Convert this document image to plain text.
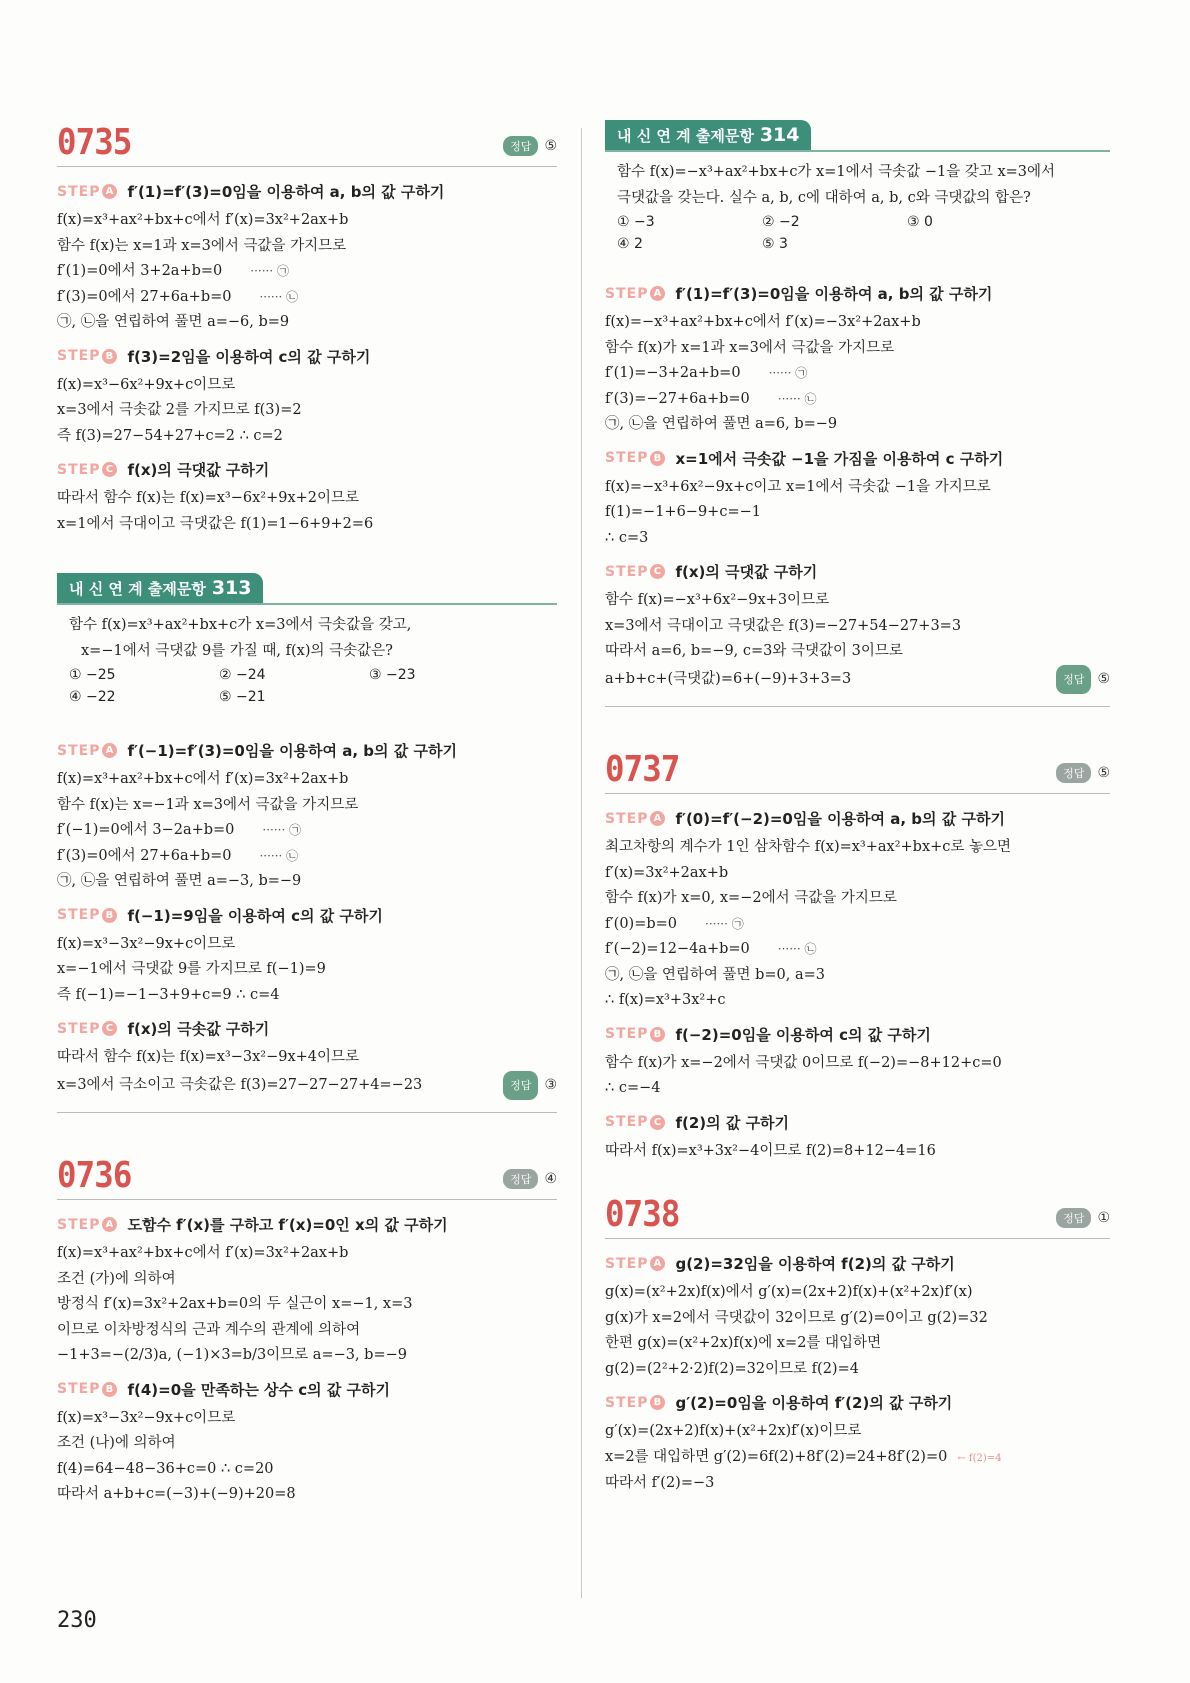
0735	정답 ⑤
STEP A f′(1)=f′(3)=0임을 이용하여 a, b의 값 구하기
f(x)=x³+ax²+bx+c에서 f′(x)=3x²+2ax+b
함수 f(x)는 x=1과 x=3에서 극값을 가지므로
f′(1)=0에서 3+2a+b=0 ······ ㉠
f′(3)=0에서 27+6a+b=0 ······ ㉡
㉠, ㉡을 연립하여 풀면 a=−6, b=9
STEP B f(3)=2임을 이용하여 c의 값 구하기
f(x)=x³−6x²+9x+c이므로
x=3에서 극솟값 2를 가지므로 f(3)=2
즉 f(3)=27−54+27+c=2 ∴ c=2
STEP C f(x)의 극댓값 구하기
따라서 함수 f(x)는 f(x)=x³−6x²+9x+2이므로
x=1에서 극대이고 극댓값은 f(1)=1−6+9+2=6
내 신 연 계 출제문항 313
함수 f(x)=x³+ax²+bx+c가 x=3에서 극솟값을 갖고,
x=−1에서 극댓값 9를 가질 때, f(x)의 극솟값은?
① −25	② −24	③ −23
④ −22	⑤ −21
STEP A f′(−1)=f′(3)=0임을 이용하여 a, b의 값 구하기
f(x)=x³+ax²+bx+c에서 f′(x)=3x²+2ax+b
함수 f(x)는 x=−1과 x=3에서 극값을 가지므로
f′(−1)=0에서 3−2a+b=0 ······ ㉠
f′(3)=0에서 27+6a+b=0 ······ ㉡
㉠, ㉡을 연립하여 풀면 a=−3, b=−9
STEP B f(−1)=9임을 이용하여 c의 값 구하기
f(x)=x³−3x²−9x+c이므로
x=−1에서 극댓값 9를 가지므로 f(−1)=9
즉 f(−1)=−1−3+9+c=9 ∴ c=4
STEP C f(x)의 극솟값 구하기
따라서 함수 f(x)는 f(x)=x³−3x²−9x+4이므로
x=3에서 극소이고 극솟값은 f(3)=27−27−27+4=−23	정답 ③
0736	정답 ④
STEP A 도함수 f′(x)를 구하고 f′(x)=0인 x의 값 구하기
f(x)=x³+ax²+bx+c에서 f′(x)=3x²+2ax+b
조건 (가)에 의하여
방정식 f′(x)=3x²+2ax+b=0의 두 실근이 x=−1, x=3
이므로 이차방정식의 근과 계수의 관계에 의하여
−1+3=−(2/3)a, (−1)×3=b/3이므로 a=−3, b=−9
STEP B f(4)=0을 만족하는 상수 c의 값 구하기
f(x)=x³−3x²−9x+c이므로
조건 (나)에 의하여
f(4)=64−48−36+c=0 ∴ c=20
따라서 a+b+c=(−3)+(−9)+20=8
내 신 연 계 출제문항 314
함수 f(x)=−x³+ax²+bx+c가 x=1에서 극솟값 −1을 갖고 x=3에서
극댓값을 갖는다. 실수 a, b, c에 대하여 a, b, c와 극댓값의 합은?
① −3	② −2	③ 0
④ 2	⑤ 3
STEP A f′(1)=f′(3)=0임을 이용하여 a, b의 값 구하기
f(x)=−x³+ax²+bx+c에서 f′(x)=−3x²+2ax+b
함수 f(x)가 x=1과 x=3에서 극값을 가지므로
f′(1)=−3+2a+b=0 ······ ㉠
f′(3)=−27+6a+b=0 ······ ㉡
㉠, ㉡을 연립하여 풀면 a=6, b=−9
STEP B x=1에서 극솟값 −1을 가짐을 이용하여 c 구하기
f(x)=−x³+6x²−9x+c이고 x=1에서 극솟값 −1을 가지므로
f(1)=−1+6−9+c=−1
∴ c=3
STEP C f(x)의 극댓값 구하기
함수 f(x)=−x³+6x²−9x+3이므로
x=3에서 극대이고 극댓값은 f(3)=−27+54−27+3=3
따라서 a=6, b=−9, c=3와 극댓값이 3이므로
a+b+c+(극댓값)=6+(−9)+3+3=3	정답 ⑤
0737	정답 ⑤
STEP A f′(0)=f′(−2)=0임을 이용하여 a, b의 값 구하기
최고차항의 계수가 1인 삼차함수 f(x)=x³+ax²+bx+c로 놓으면
f′(x)=3x²+2ax+b
함수 f(x)가 x=0, x=−2에서 극값을 가지므로
f′(0)=b=0 ······ ㉠
f′(−2)=12−4a+b=0 ······ ㉡
㉠, ㉡을 연립하여 풀면 b=0, a=3
∴ f(x)=x³+3x²+c
STEP B f(−2)=0임을 이용하여 c의 값 구하기
함수 f(x)가 x=−2에서 극댓값 0이므로 f(−2)=−8+12+c=0
∴ c=−4
STEP C f(2)의 값 구하기
따라서 f(x)=x³+3x²−4이므로 f(2)=8+12−4=16
0738	정답 ①
STEP A g(2)=32임을 이용하여 f(2)의 값 구하기
g(x)=(x²+2x)f(x)에서 g′(x)=(2x+2)f(x)+(x²+2x)f′(x)
g(x)가 x=2에서 극댓값이 32이므로 g′(2)=0이고 g(2)=32
한편 g(x)=(x²+2x)f(x)에 x=2를 대입하면
g(2)=(2²+2·2)f(2)=32이므로 f(2)=4
STEP B g′(2)=0임을 이용하여 f′(2)의 값 구하기
g′(x)=(2x+2)f(x)+(x²+2x)f′(x)이므로
x=2를 대입하면 g′(2)=6f(2)+8f′(2)=24+8f′(2)=0 ← f(2)=4
따라서 f′(2)=−3
230
